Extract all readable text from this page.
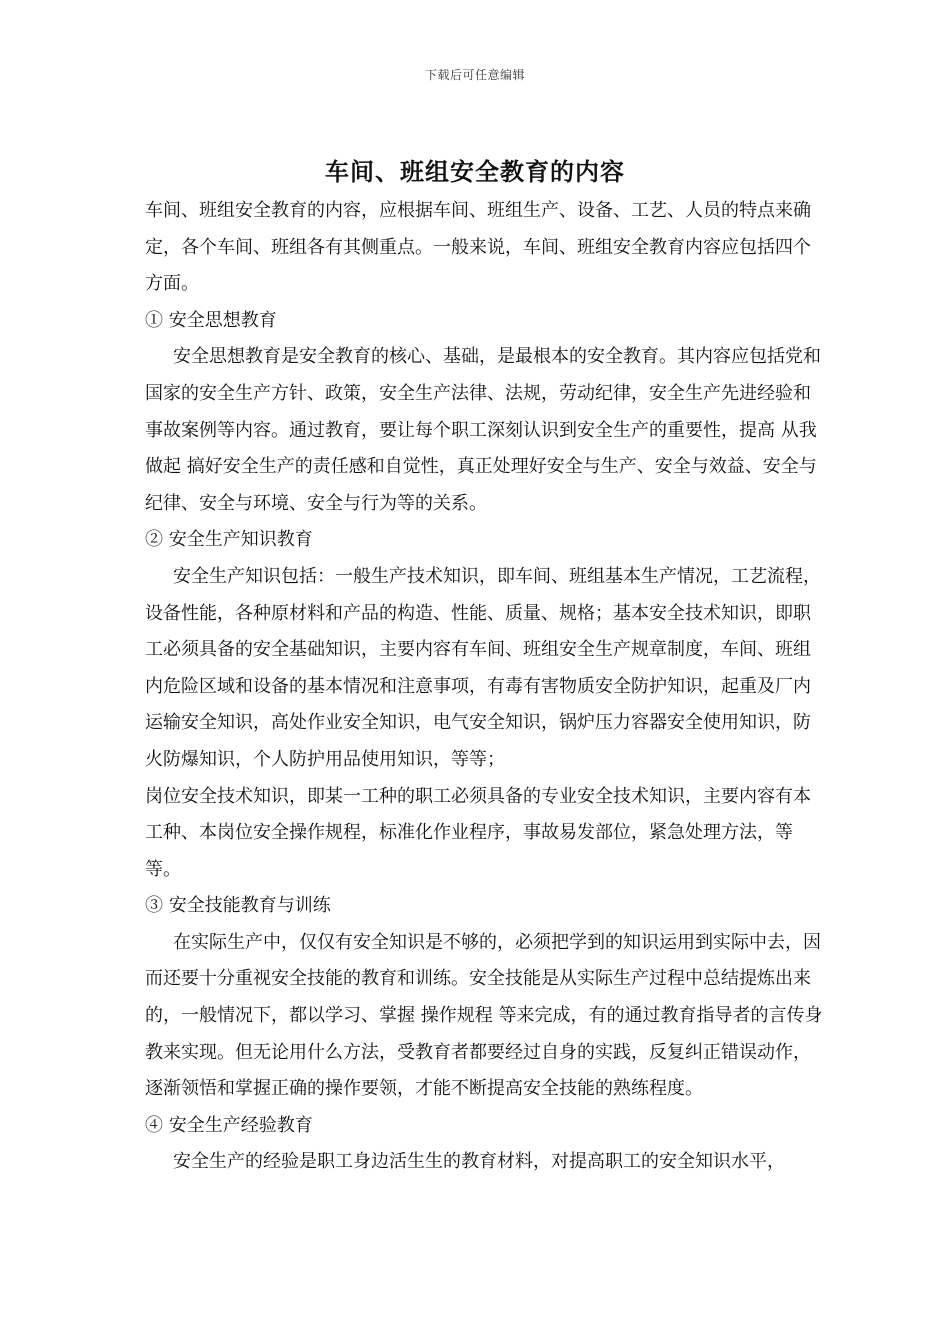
下载后可任意编辑
车间、班组安全教育的内容

车间、班组安全教育的内容，应根据车间、班组生产、设备、工艺、人员的特点来确定，各个车间、班组各有其侧重点。一般来说，车间、班组安全教育内容应包括四个方面。

① 安全思想教育

安全思想教育是安全教育的核心、基础，是最根本的安全教育。其内容应包括党和国家的安全生产方针、政策，安全生产法律、法规，劳动纪律，安全生产先进经验和事故案例等内容。通过教育，要让每个职工深刻认识到安全生产的重要性，提高 从我做起 搞好安全生产的责任感和自觉性，真正处理好安全与生产、安全与效益、安全与纪律、安全与环境、安全与行为等的关系。

② 安全生产知识教育

安全生产知识包括：一般生产技术知识，即车间、班组基本生产情况，工艺流程，设备性能，各种原材料和产品的构造、性能、质量、规格；基本安全技术知识，即职工必须具备的安全基础知识，主要内容有车间、班组安全生产规章制度，车间、班组内危险区域和设备的基本情况和注意事项，有毒有害物质安全防护知识，起重及厂内运输安全知识，高处作业安全知识，电气安全知识，锅炉压力容器安全使用知识，防火防爆知识，个人防护用品使用知识，等等；

岗位安全技术知识，即某一工种的职工必须具备的专业安全技术知识，主要内容有本工种、本岗位安全操作规程，标准化作业程序，事故易发部位，紧急处理方法，等等。

③ 安全技能教育与训练

在实际生产中，仅仅有安全知识是不够的，必须把学到的知识运用到实际中去，因而还要十分重视安全技能的教育和训练。安全技能是从实际生产过程中总结提炼出来的，一般情况下，都以学习、掌握 操作规程 等来完成，有的通过教育指导者的言传身教来实现。但无论用什么方法，受教育者都要经过自身的实践，反复纠正错误动作，逐渐领悟和掌握正确的操作要领，才能不断提高安全技能的熟练程度。

④ 安全生产经验教育

安全生产的经验是职工身边活生生的教育材料，对提高职工的安全知识水平，
